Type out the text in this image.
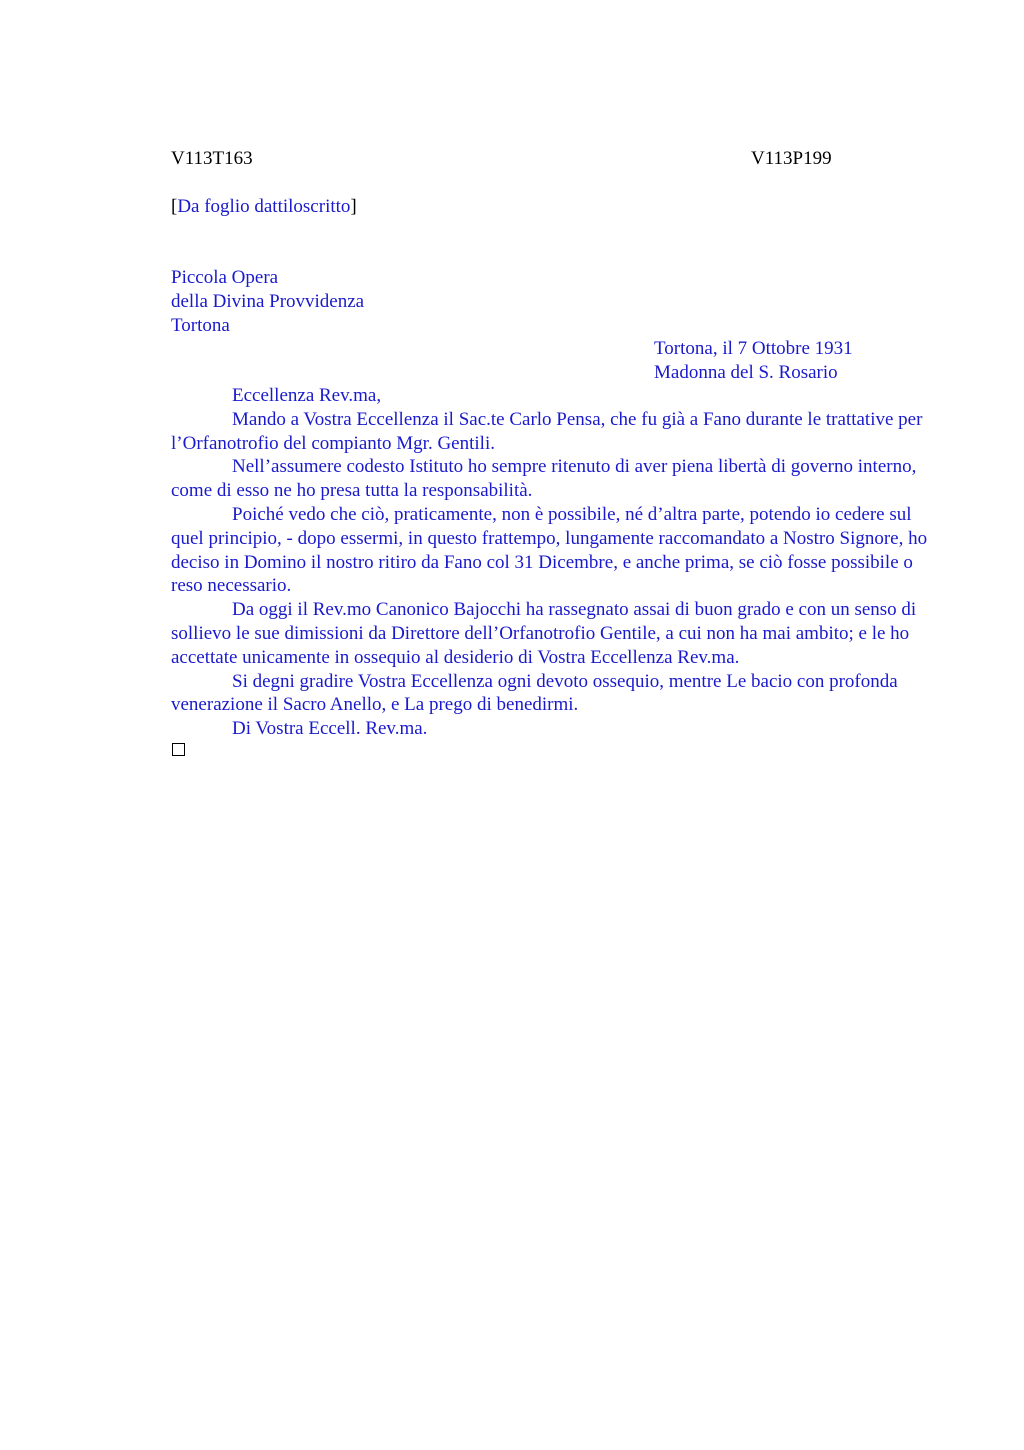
V113T163	V113P199
[Da foglio dattiloscritto]
Piccola Opera
della Divina Provvidenza
Tortona
Tortona, il 7 Ottobre 1931
Madonna del S. Rosario

Eccellenza Rev.ma,

Mando a Vostra Eccellenza il Sac.te Carlo Pensa, che fu già a Fano durante le trattative per l’Orfanotrofio del compianto Mgr. Gentili.

Nell’assumere codesto Istituto ho sempre ritenuto di aver piena libertà di governo interno, come di esso ne ho presa tutta la responsabilità.

Poiché vedo che ciò, praticamente, non è possibile, né d’altra parte, potendo io cedere sul quel principio, - dopo essermi, in questo frattempo, lungamente raccomandato a Nostro Signore, ho deciso in Domino il nostro ritiro da Fano col 31 Dicembre, e anche prima, se ciò fosse possibile o reso necessario.

Da oggi il Rev.mo Canonico Bajocchi ha rassegnato assai di buon grado e con un senso di sollievo le sue dimissioni da Direttore dell’Orfanotrofio Gentile, a cui non ha mai ambito; e le ho accettate unicamente in ossequio al desiderio di Vostra Eccellenza Rev.ma.

Si degni gradire Vostra Eccellenza ogni devoto ossequio, mentre Le bacio con profonda venerazione il Sacro Anello, e La prego di benedirmi.

Di Vostra Eccell. Rev.ma.
